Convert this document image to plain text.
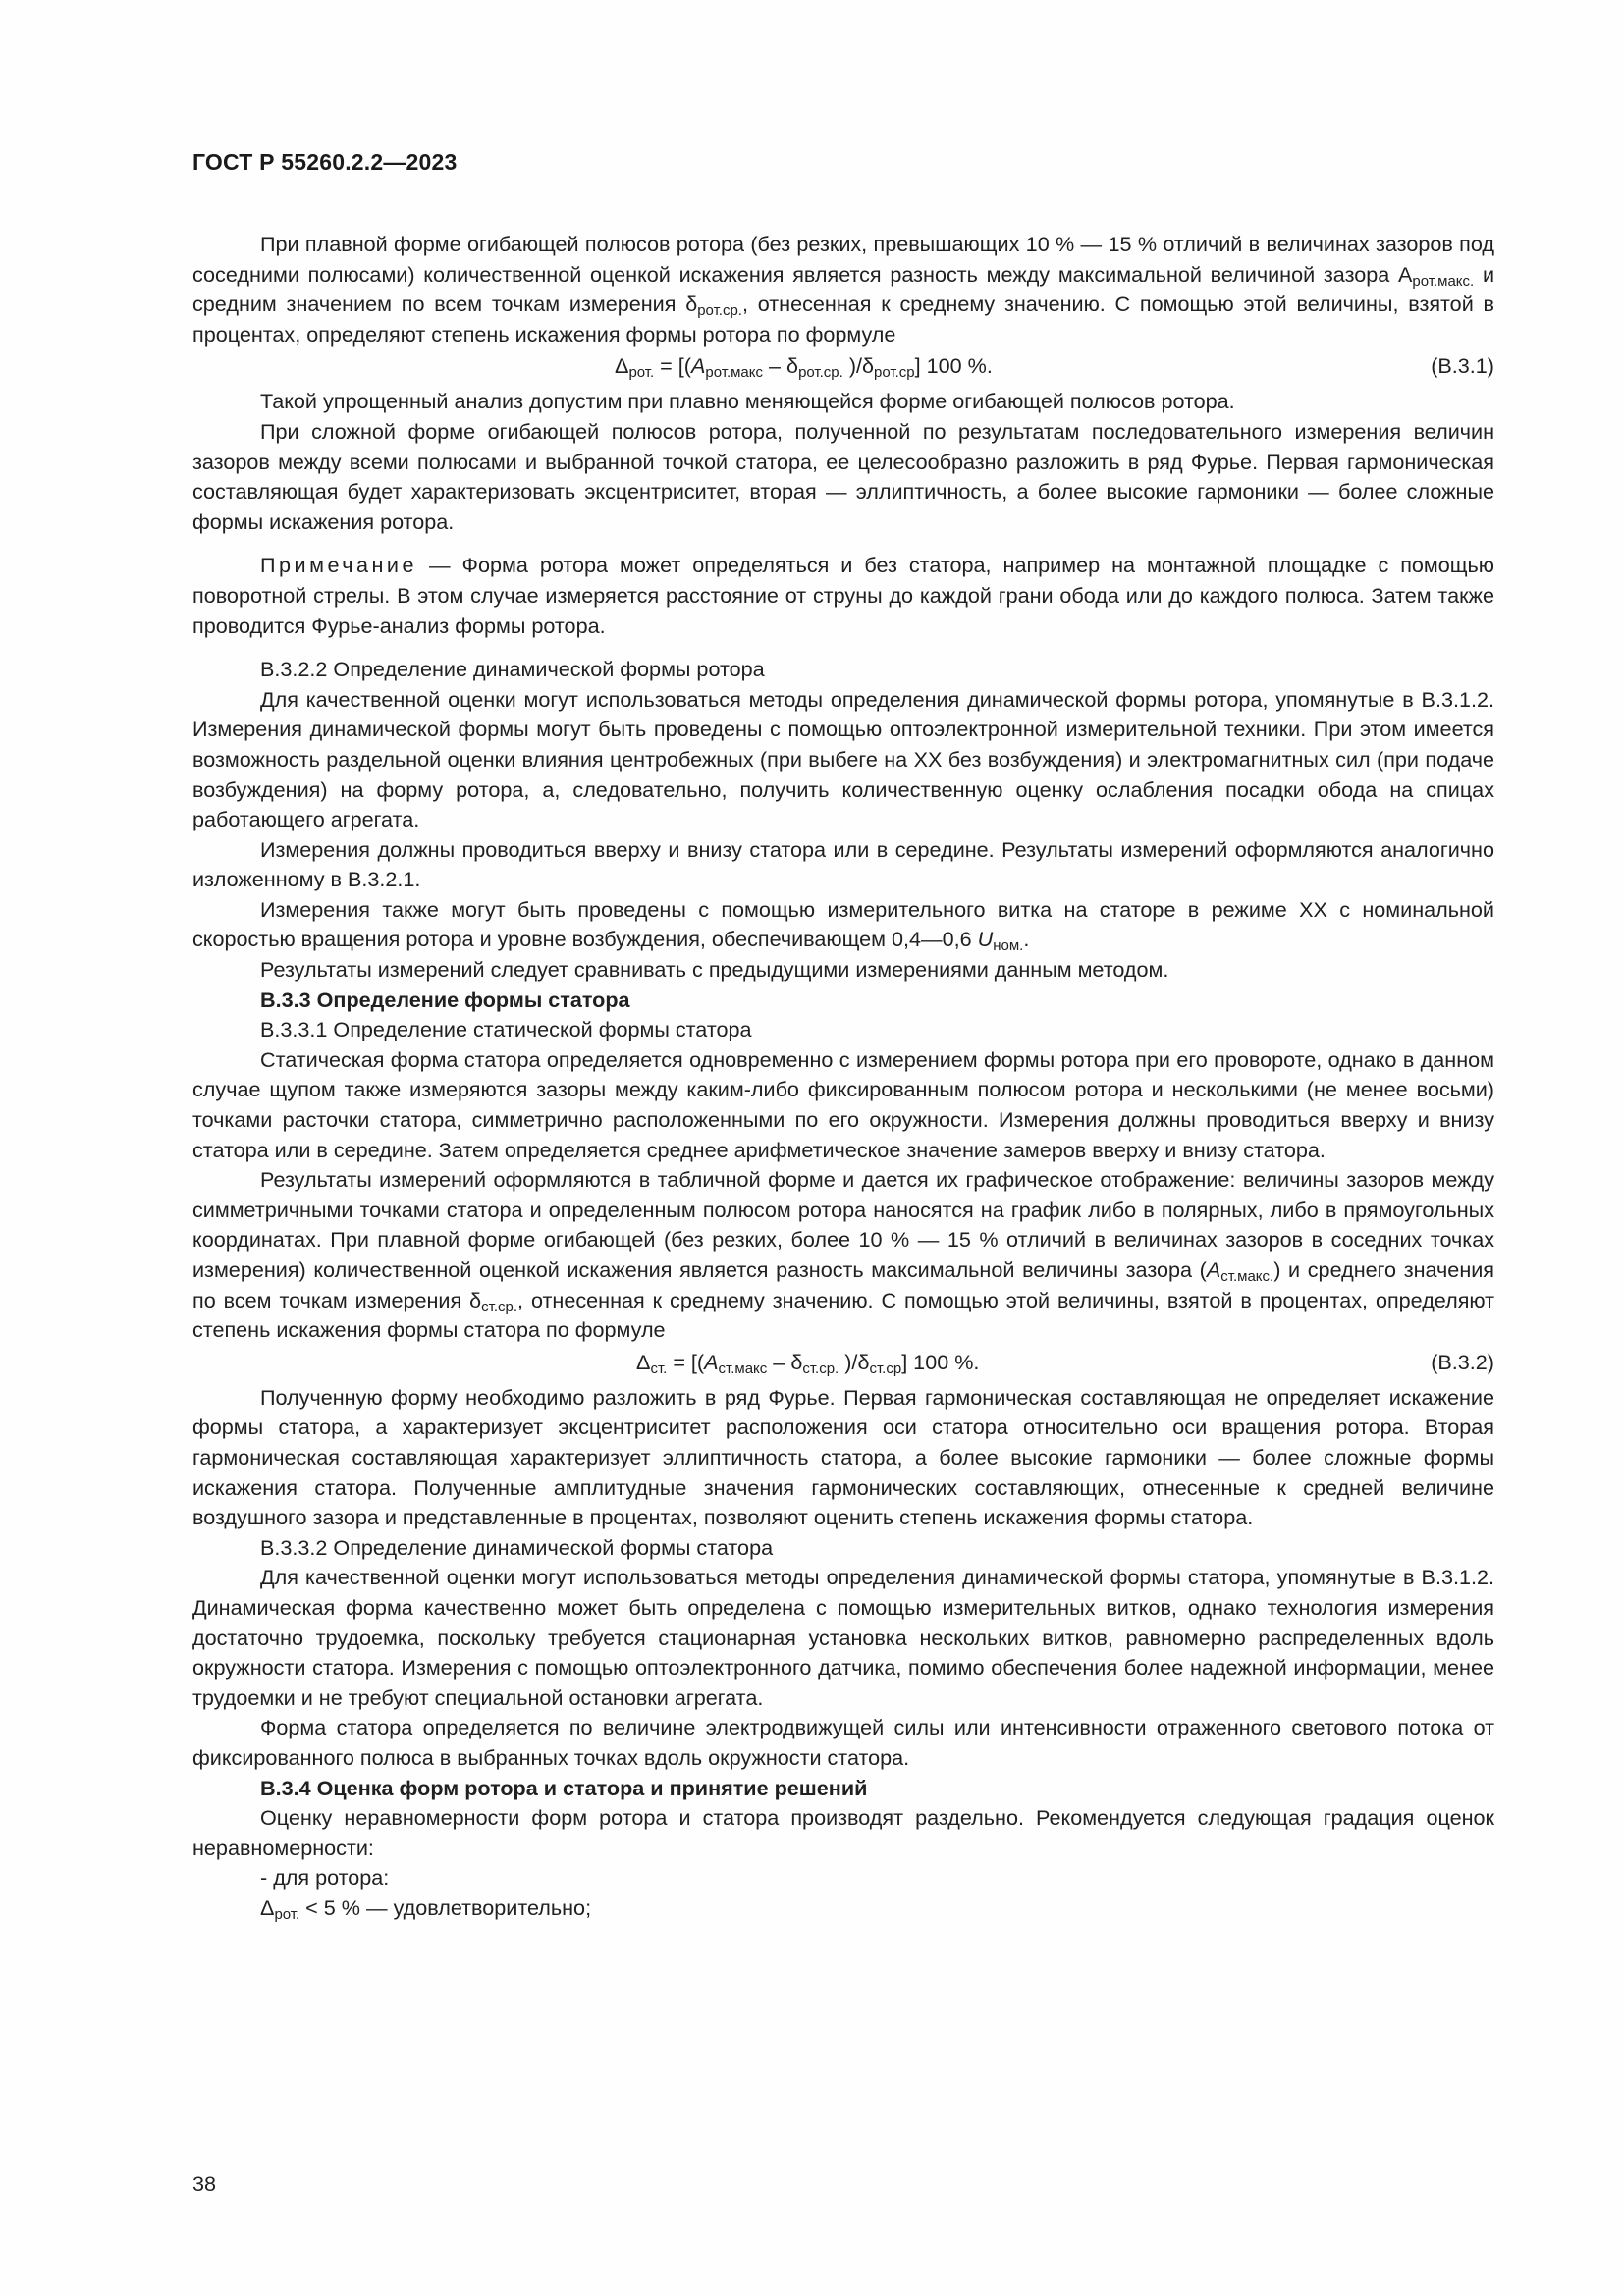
ГОСТ Р 55260.2.2—2023

При плавной форме огибающей полюсов ротора (без резких, превышающих 10 % — 15 % отличий в величинах зазоров под соседними полюсами) количественной оценкой искажения является разность между максимальной величиной зазора $А_{рот.макс.}$ и средним значением по всем точкам измерения $\delta_{рот.ср.}$, отнесенная к среднему значению. С помощью этой величины, взятой в процентах, определяют степень искажения формы ротора по формуле

$\Delta_{рот.} = [(А_{рот.макс} - \delta_{рот.ср.}$ )$/\delta_{рот.ср}$] 100 %.	(В.3.1)

Такой упрощенный анализ допустим при плавно меняющейся форме огибающей полюсов ротора.

При сложной форме огибающей полюсов ротора, полученной по результатам последовательного измерения величин зазоров между всеми полюсами и выбранной точкой статора, ее целесообразно разложить в ряд Фурье. Первая гармоническая составляющая будет характеризовать эксцентриситет, вторая — эллиптичность, а более высокие гармоники — более сложные формы искажения ротора.

Примечание — Форма ротора может определяться и без статора, например на монтажной площадке с помощью поворотной стрелы. В этом случае измеряется расстояние от струны до каждой грани обода или до каждого полюса. Затем также проводится Фурье-анализ формы ротора.

В.3.2.2 Определение динамической формы ротора

Для качественной оценки могут использоваться методы определения динамической формы ротора, упомянутые в В.3.1.2. Измерения динамической формы могут быть проведены с помощью оптоэлектронной измерительной техники. При этом имеется возможность раздельной оценки влияния центробежных (при выбеге на ХХ без возбуждения) и электромагнитных сил (при подаче возбуждения) на форму ротора, а, следовательно, получить количественную оценку ослабления посадки обода на спицах работающего агрегата.

Измерения должны проводиться вверху и внизу статора или в середине. Результаты измерений оформляются аналогично изложенному в В.3.2.1.

Измерения также могут быть проведены с помощью измерительного витка на статоре в режиме ХХ с номинальной скоростью вращения ротора и уровне возбуждения, обеспечивающем 0,4—0,6 $U_{ном.}$.

Результаты измерений следует сравнивать с предыдущими измерениями данным методом.

В.3.3 Определение формы статора

В.3.3.1 Определение статической формы статора

Статическая форма статора определяется одновременно с измерением формы ротора при его провороте, однако в данном случае щупом также измеряются зазоры между каким-либо фиксированным полюсом ротора и несколькими (не менее восьми) точками расточки статора, симметрично расположенными по его окружности. Измерения должны проводиться вверху и внизу статора или в середине. Затем определяется среднее арифметическое значение замеров вверху и внизу статора.

Результаты измерений оформляются в табличной форме и дается их графическое отображение: величины зазоров между симметричными точками статора и определенным полюсом ротора наносятся на график либо в полярных, либо в прямоугольных координатах. При плавной форме огибающей (без резких, более 10 % — 15 % отличий в величинах зазоров в соседних точках измерения) количественной оценкой искажения является разность максимальной величины зазора $(А_{ст.макс.})$ и среднего значения по всем точкам измерения $\delta_{ст.ср.}$, отнесенная к среднему значению. С помощью этой величины, взятой в процентах, определяют степень искажения формы статора по формуле

$\Delta_{ст.} = [(А_{ст.макс} - \delta_{ст.ср.}$ )$/\delta_{ст.ср}$] 100 %.	(В.3.2)

Полученную форму необходимо разложить в ряд Фурье. Первая гармоническая составляющая не определяет искажение формы статора, а характеризует эксцентриситет расположения оси статора относительно оси вращения ротора. Вторая гармоническая составляющая характеризует эллиптичность статора, а более высокие гармоники — более сложные формы искажения статора. Полученные амплитудные значения гармонических составляющих, отнесенные к средней величине воздушного зазора и представленные в процентах, позволяют оценить степень искажения формы статора.

В.3.3.2 Определение динамической формы статора

Для качественной оценки могут использоваться методы определения динамической формы статора, упомянутые в В.3.1.2. Динамическая форма качественно может быть определена с помощью измерительных витков, однако технология измерения достаточно трудоемка, поскольку требуется стационарная установка нескольких витков, равномерно распределенных вдоль окружности статора. Измерения с помощью оптоэлектронного датчика, помимо обеспечения более надежной информации, менее трудоемки и не требуют специальной остановки агрегата.

Форма статора определяется по величине электродвижущей силы или интенсивности отраженного светового потока от фиксированного полюса в выбранных точках вдоль окружности статора.

В.3.4 Оценка форм ротора и статора и принятие решений

Оценку неравномерности форм ротора и статора производят раздельно. Рекомендуется следующая градация оценок неравномерности:

- для ротора:

$\Delta_{рот.} < 5$ % — удовлетворительно;

38
